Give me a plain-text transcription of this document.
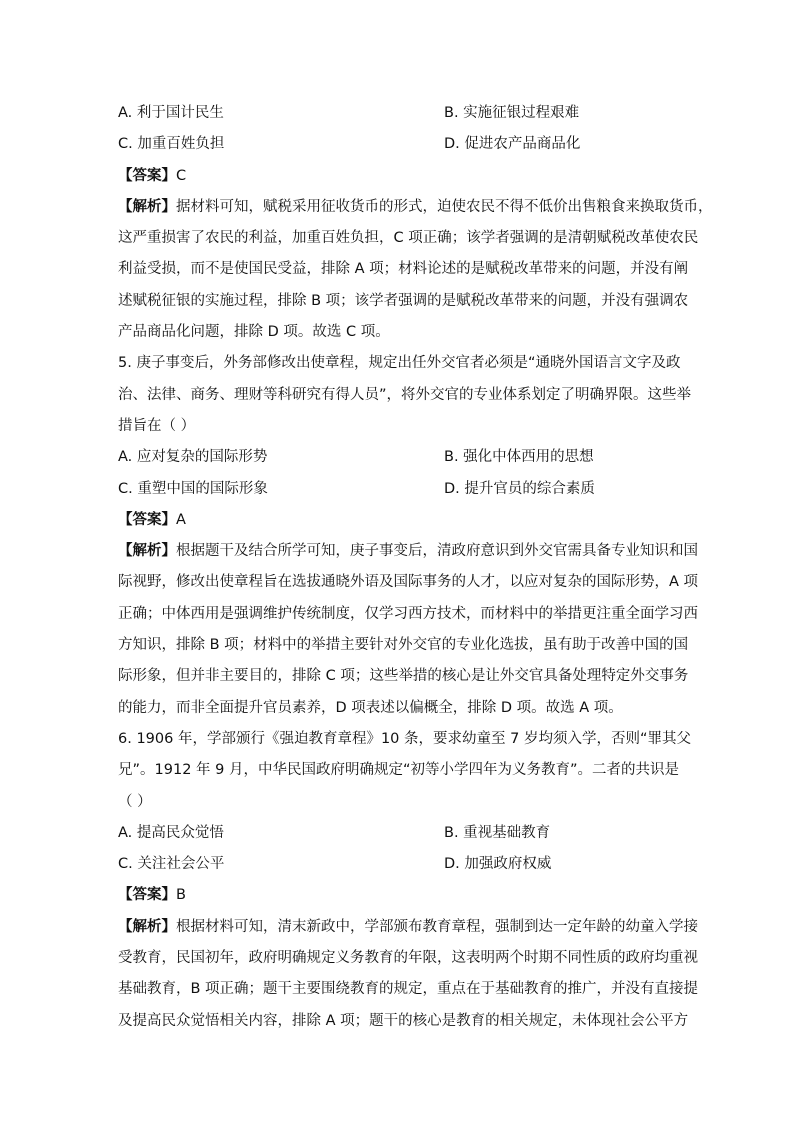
A. 利于国计民生	B. 实施征银过程艰难
C. 加重百姓负担	D. 促进农产品商品化
【答案】C
【解析】据材料可知，赋税采用征收货币的形式，迫使农民不得不低价出售粮食来换取货币，
这严重损害了农民的利益，加重百姓负担，C 项正确；该学者强调的是清朝赋税改革使农民
利益受损，而不是使国民受益，排除 A 项；材料论述的是赋税改革带来的问题，并没有阐
述赋税征银的实施过程，排除 B 项；该学者强调的是赋税改革带来的问题，并没有强调农
产品商品化问题，排除 D 项。故选 C 项。
5. 庚子事变后，外务部修改出使章程，规定出任外交官者必须是“通晓外国语言文字及政
治、法律、商务、理财等科研究有得人员”，将外交官的专业体系划定了明确界限。这些举
措旨在（ ）
A. 应对复杂的国际形势	B. 强化中体西用的思想
C. 重塑中国的国际形象	D. 提升官员的综合素质
【答案】A
【解析】根据题干及结合所学可知，庚子事变后，清政府意识到外交官需具备专业知识和国
际视野，修改出使章程旨在选拔通晓外语及国际事务的人才，以应对复杂的国际形势，A 项
正确；中体西用是强调维护传统制度，仅学习西方技术，而材料中的举措更注重全面学习西
方知识，排除 B 项；材料中的举措主要针对外交官的专业化选拔，虽有助于改善中国的国
际形象，但并非主要目的，排除 C 项；这些举措的核心是让外交官具备处理特定外交事务
的能力，而非全面提升官员素养，D 项表述以偏概全，排除 D 项。故选 A 项。
6. 1906 年，学部颁行《强迫教育章程》10 条，要求幼童至 7 岁均须入学，否则“罪其父
兄”。1912 年 9 月，中华民国政府明确规定“初等小学四年为义务教育”。二者的共识是
（ ）
A. 提高民众觉悟	B. 重视基础教育
C. 关注社会公平	D. 加强政府权威
【答案】B
【解析】根据材料可知，清末新政中，学部颁布教育章程，强制到达一定年龄的幼童入学接
受教育，民国初年，政府明确规定义务教育的年限，这表明两个时期不同性质的政府均重视
基础教育，B 项正确；题干主要围绕教育的规定，重点在于基础教育的推广，并没有直接提
及提高民众觉悟相关内容，排除 A 项；题干的核心是教育的相关规定，未体现社会公平方
